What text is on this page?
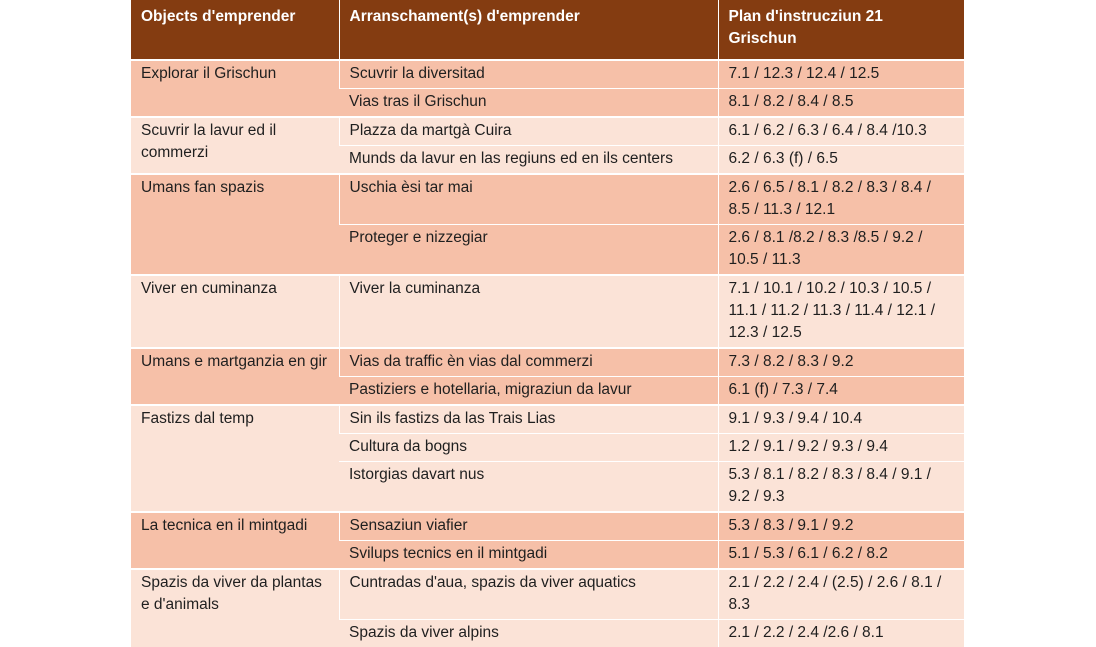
Objects d'emprender	Arranschament(s) d'emprender	Plan d'instrucziun 21 Grischun
Explorar il Grischun	Scuvrir la diversitad	7.1 / 12.3 / 12.4 / 12.5
	Vias tras il Grischun	8.1 / 8.2 / 8.4 / 8.5
Scuvrir la lavur ed il commerzi	Plazza da martgà Cuira	6.1 / 6.2 / 6.3 / 6.4 / 8.4 /10.3
	Munds da lavur en las regiuns ed en ils centers	6.2 / 6.3 (f) / 6.5
Umans fan spazis	Uschia èsi tar mai	2.6 / 6.5 / 8.1 / 8.2 / 8.3 / 8.4 / 8.5 / 11.3 / 12.1
	Proteger e nizzegiar	2.6 / 8.1 /8.2 / 8.3 /8.5 / 9.2 / 10.5 / 11.3
Viver en cuminanza	Viver la cuminanza	7.1 / 10.1 / 10.2 / 10.3 / 10.5 / 11.1 / 11.2 / 11.3 / 11.4 / 12.1 / 12.3 / 12.5
Umans e martganzia en gir	Vias da traffic èn vias dal commerzi	7.3 / 8.2 / 8.3 / 9.2
	Pastiziers e hotellaria, migraziun da lavur	6.1 (f) / 7.3 / 7.4
Fastizs dal temp	Sin ils fastizs da las Trais Lias	9.1 / 9.3 / 9.4 / 10.4
	Cultura da bogns	1.2 / 9.1 / 9.2 / 9.3 / 9.4
	Istorgias davart nus	5.3 / 8.1 / 8.2 / 8.3 / 8.4 / 9.1 / 9.2 / 9.3
La tecnica en il mintgadi	Sensaziun viafier	5.3 / 8.3 / 9.1 / 9.2
	Svilups tecnics en il mintgadi	5.1 / 5.3 / 6.1 / 6.2 / 8.2
Spazis da viver da plantas e d'animals	Cuntradas d'aua, spazis da viver aquatics	2.1 / 2.2 / 2.4 / (2.5) / 2.6 / 8.1 / 8.3
	Spazis da viver alpins	2.1 / 2.2 / 2.4 /2.6 / 8.1
